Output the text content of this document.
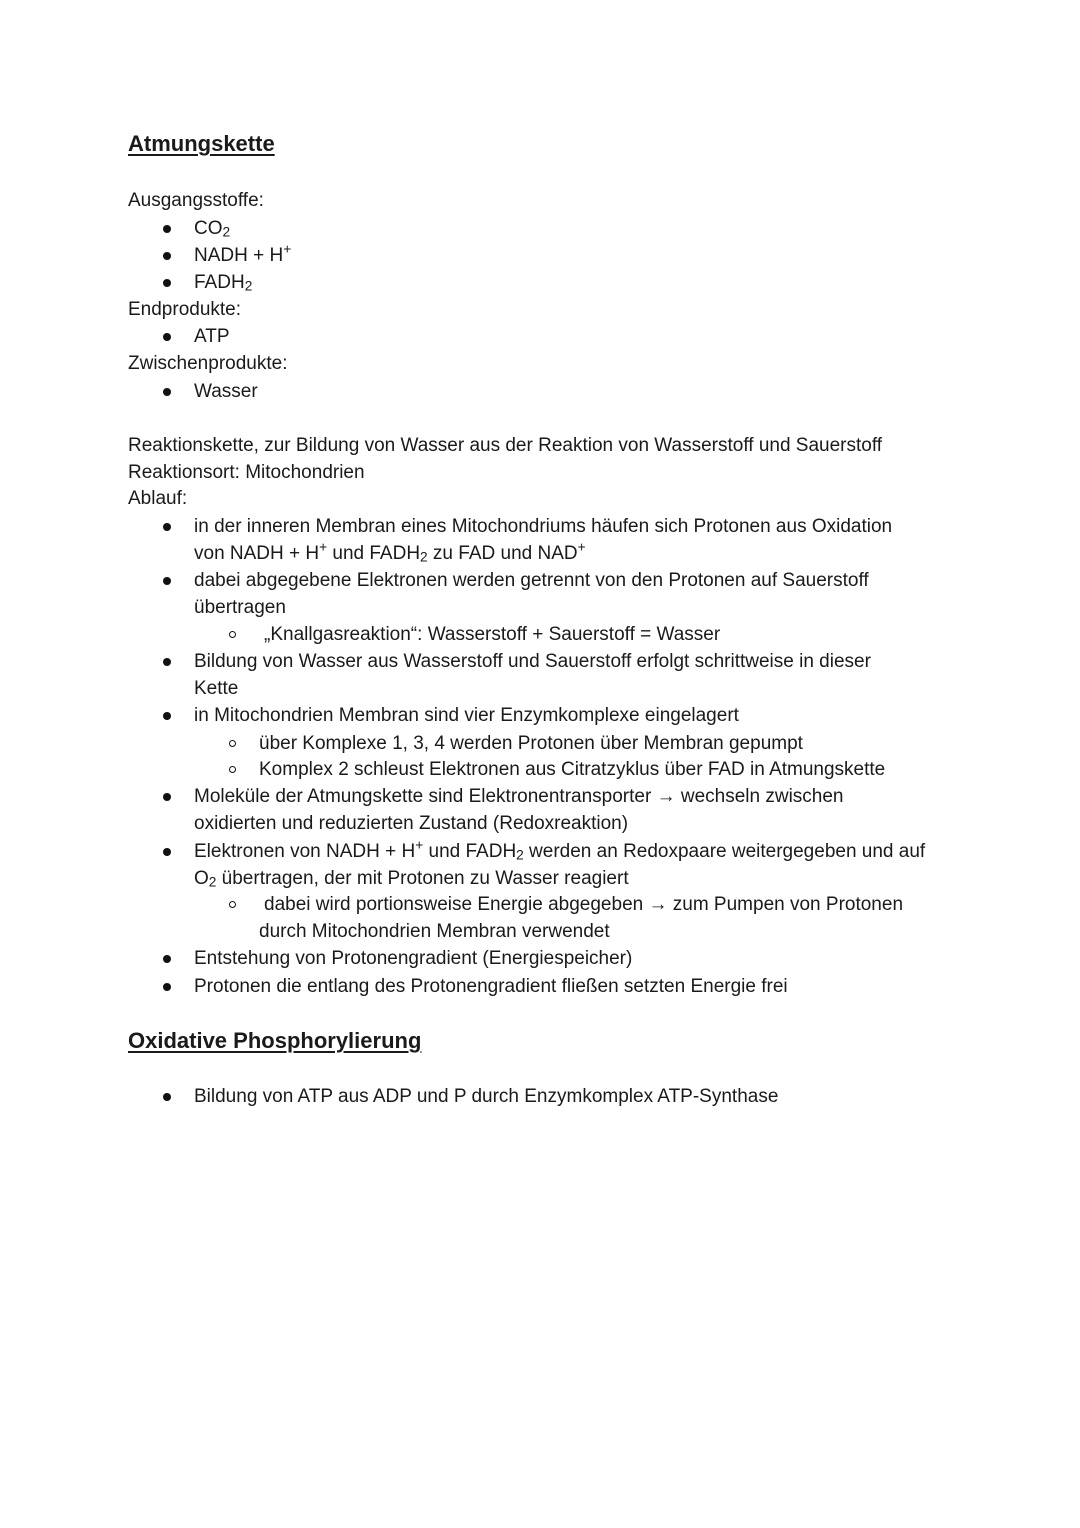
Atmungskette
Ausgangsstoffe:
$CO_2$
NADH + H+
$FADH_2$
Endprodukte:
ATP
Zwischenprodukte:
Wasser
Reaktionskette, zur Bildung von Wasser aus der Reaktion von Wasserstoff und Sauerstoff
Reaktionsort: Mitochondrien
Ablauf:
in der inneren Membran eines Mitochondriums häufen sich Protonen aus Oxidation
von NADH + H+ und $FADH_2$ zu FAD und NAD+
dabei abgegebene Elektronen werden getrennt von den Protonen auf Sauerstoff
übertragen
„Knallgasreaktion“: Wasserstoff + Sauerstoff = Wasser
Bildung von Wasser aus Wasserstoff und Sauerstoff erfolgt schrittweise in dieser
Kette
in Mitochondrien Membran sind vier Enzymkomplexe eingelagert
über Komplexe 1, 3, 4 werden Protonen über Membran gepumpt
Komplex 2 schleust Elektronen aus Citratzyklus über FAD in Atmungskette
Moleküle der Atmungskette sind Elektronentransporter → wechseln zwischen
oxidierten und reduzierten Zustand (Redoxreaktion)
Elektronen von NADH + H+ und $FADH_2$ werden an Redoxpaare weitergegeben und auf
$O_2$ übertragen, der mit Protonen zu Wasser reagiert
dabei wird portionsweise Energie abgegeben → zum Pumpen von Protonen
durch Mitochondrien Membran verwendet
Entstehung von Protonengradient (Energiespeicher)
Protonen die entlang des Protonengradient fließen setzten Energie frei
Oxidative Phosphorylierung
Bildung von ATP aus ADP und P durch Enzymkomplex ATP-Synthase
